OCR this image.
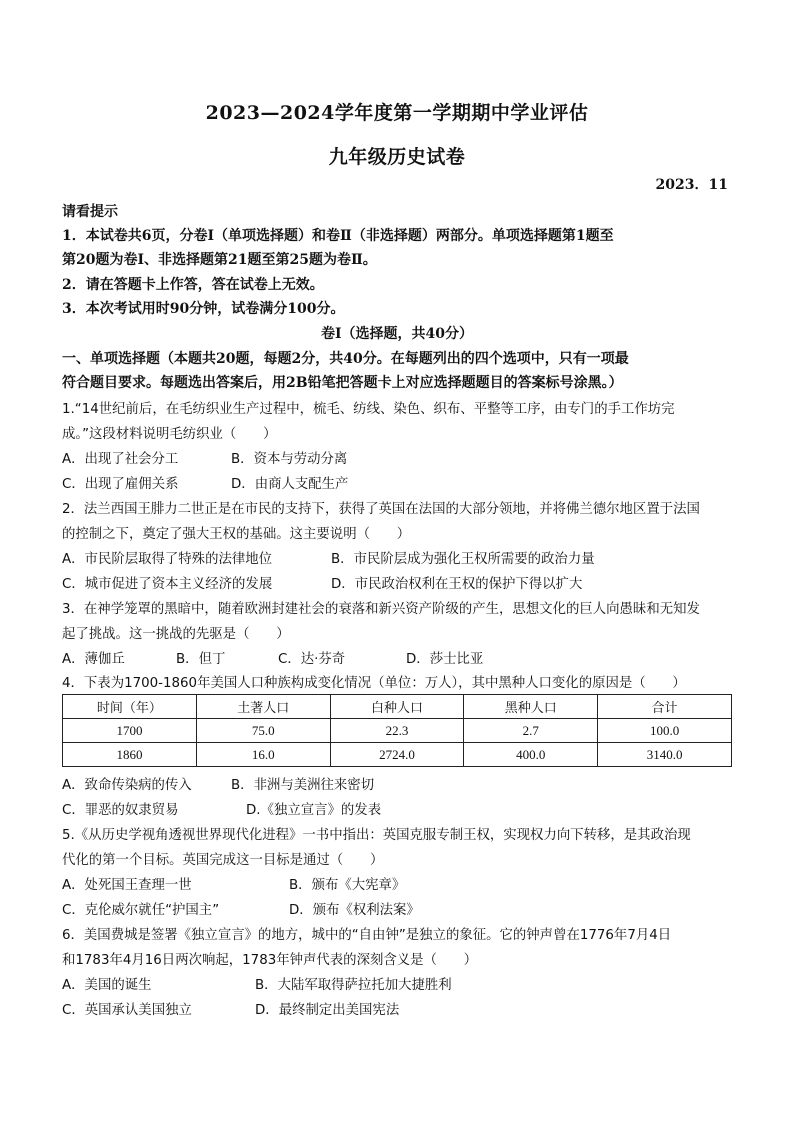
2023—2024学年度第一学期期中学业评估
九年级历史试卷
2023．11
请看提示
1．本试卷共6页，分卷Ⅰ（单项选择题）和卷Ⅱ（非选择题）两部分。单项选择题第1题至
第20题为卷Ⅰ、非选择题第21题至第25题为卷Ⅱ。
2．请在答题卡上作答，答在试卷上无效。
3．本次考试用时90分钟，试卷满分100分。
卷Ⅰ（选择题，共40分）
一、单项选择题（本题共20题，每题2分，共40分。在每题列出的四个选项中，只有一项最
符合题目要求。每题选出答案后，用2B铅笔把答题卡上对应选择题题目的答案标号涂黑。）
1.“14世纪前后，在毛纺织业生产过程中，梳毛、纺线、染色、织布、平整等工序，由专门的手工作坊完
成。”这段材料说明毛纺织业（　　）
A．出现了社会分工	B．资本与劳动分离
C．出现了雇佣关系	D．由商人支配生产
2．法兰西国王腓力二世正是在市民的支持下，获得了英国在法国的大部分领地，并将佛兰德尔地区置于法国
的控制之下，奠定了强大王权的基础。这主要说明（　　）
A．市民阶层取得了特殊的法律地位	B．市民阶层成为强化王权所需要的政治力量
C．城市促进了资本主义经济的发展	D．市民政治权利在王权的保护下得以扩大
3．在神学笼罩的黑暗中，随着欧洲封建社会的衰落和新兴资产阶级的产生，思想文化的巨人向愚昧和无知发
起了挑战。这一挑战的先驱是（　　）
A．薄伽丘	B．但丁	C．达·芬奇	D．莎士比亚
4．下表为1700-1860年美国人口种族构成变化情况（单位：万人），其中黑种人口变化的原因是（　　）
时间（年）	土著人口	白种人口	黑种人口	合计
1700	75.0	22.3	2.7	100.0
1860	16.0	2724.0	400.0	3140.0
A．致命传染病的传入	B．非洲与美洲往来密切
C．罪恶的奴隶贸易	D.《独立宣言》的发表
5.《从历史学视角透视世界现代化进程》一书中指出：英国克服专制王权，实现权力向下转移，是其政治现
代化的第一个目标。英国完成这一目标是通过（　　）
A．处死国王查理一世	B．颁布《大宪章》
C．克伦威尔就任“护国主”	D．颁布《权利法案》
6．美国费城是签署《独立宣言》的地方，城中的“自由钟”是独立的象征。它的钟声曾在1776年7月4日
和1783年4月16日两次响起，1783年钟声代表的深刻含义是（　　）
A．美国的诞生	B．大陆军取得萨拉托加大捷胜利
C．英国承认美国独立	D．最终制定出美国宪法
